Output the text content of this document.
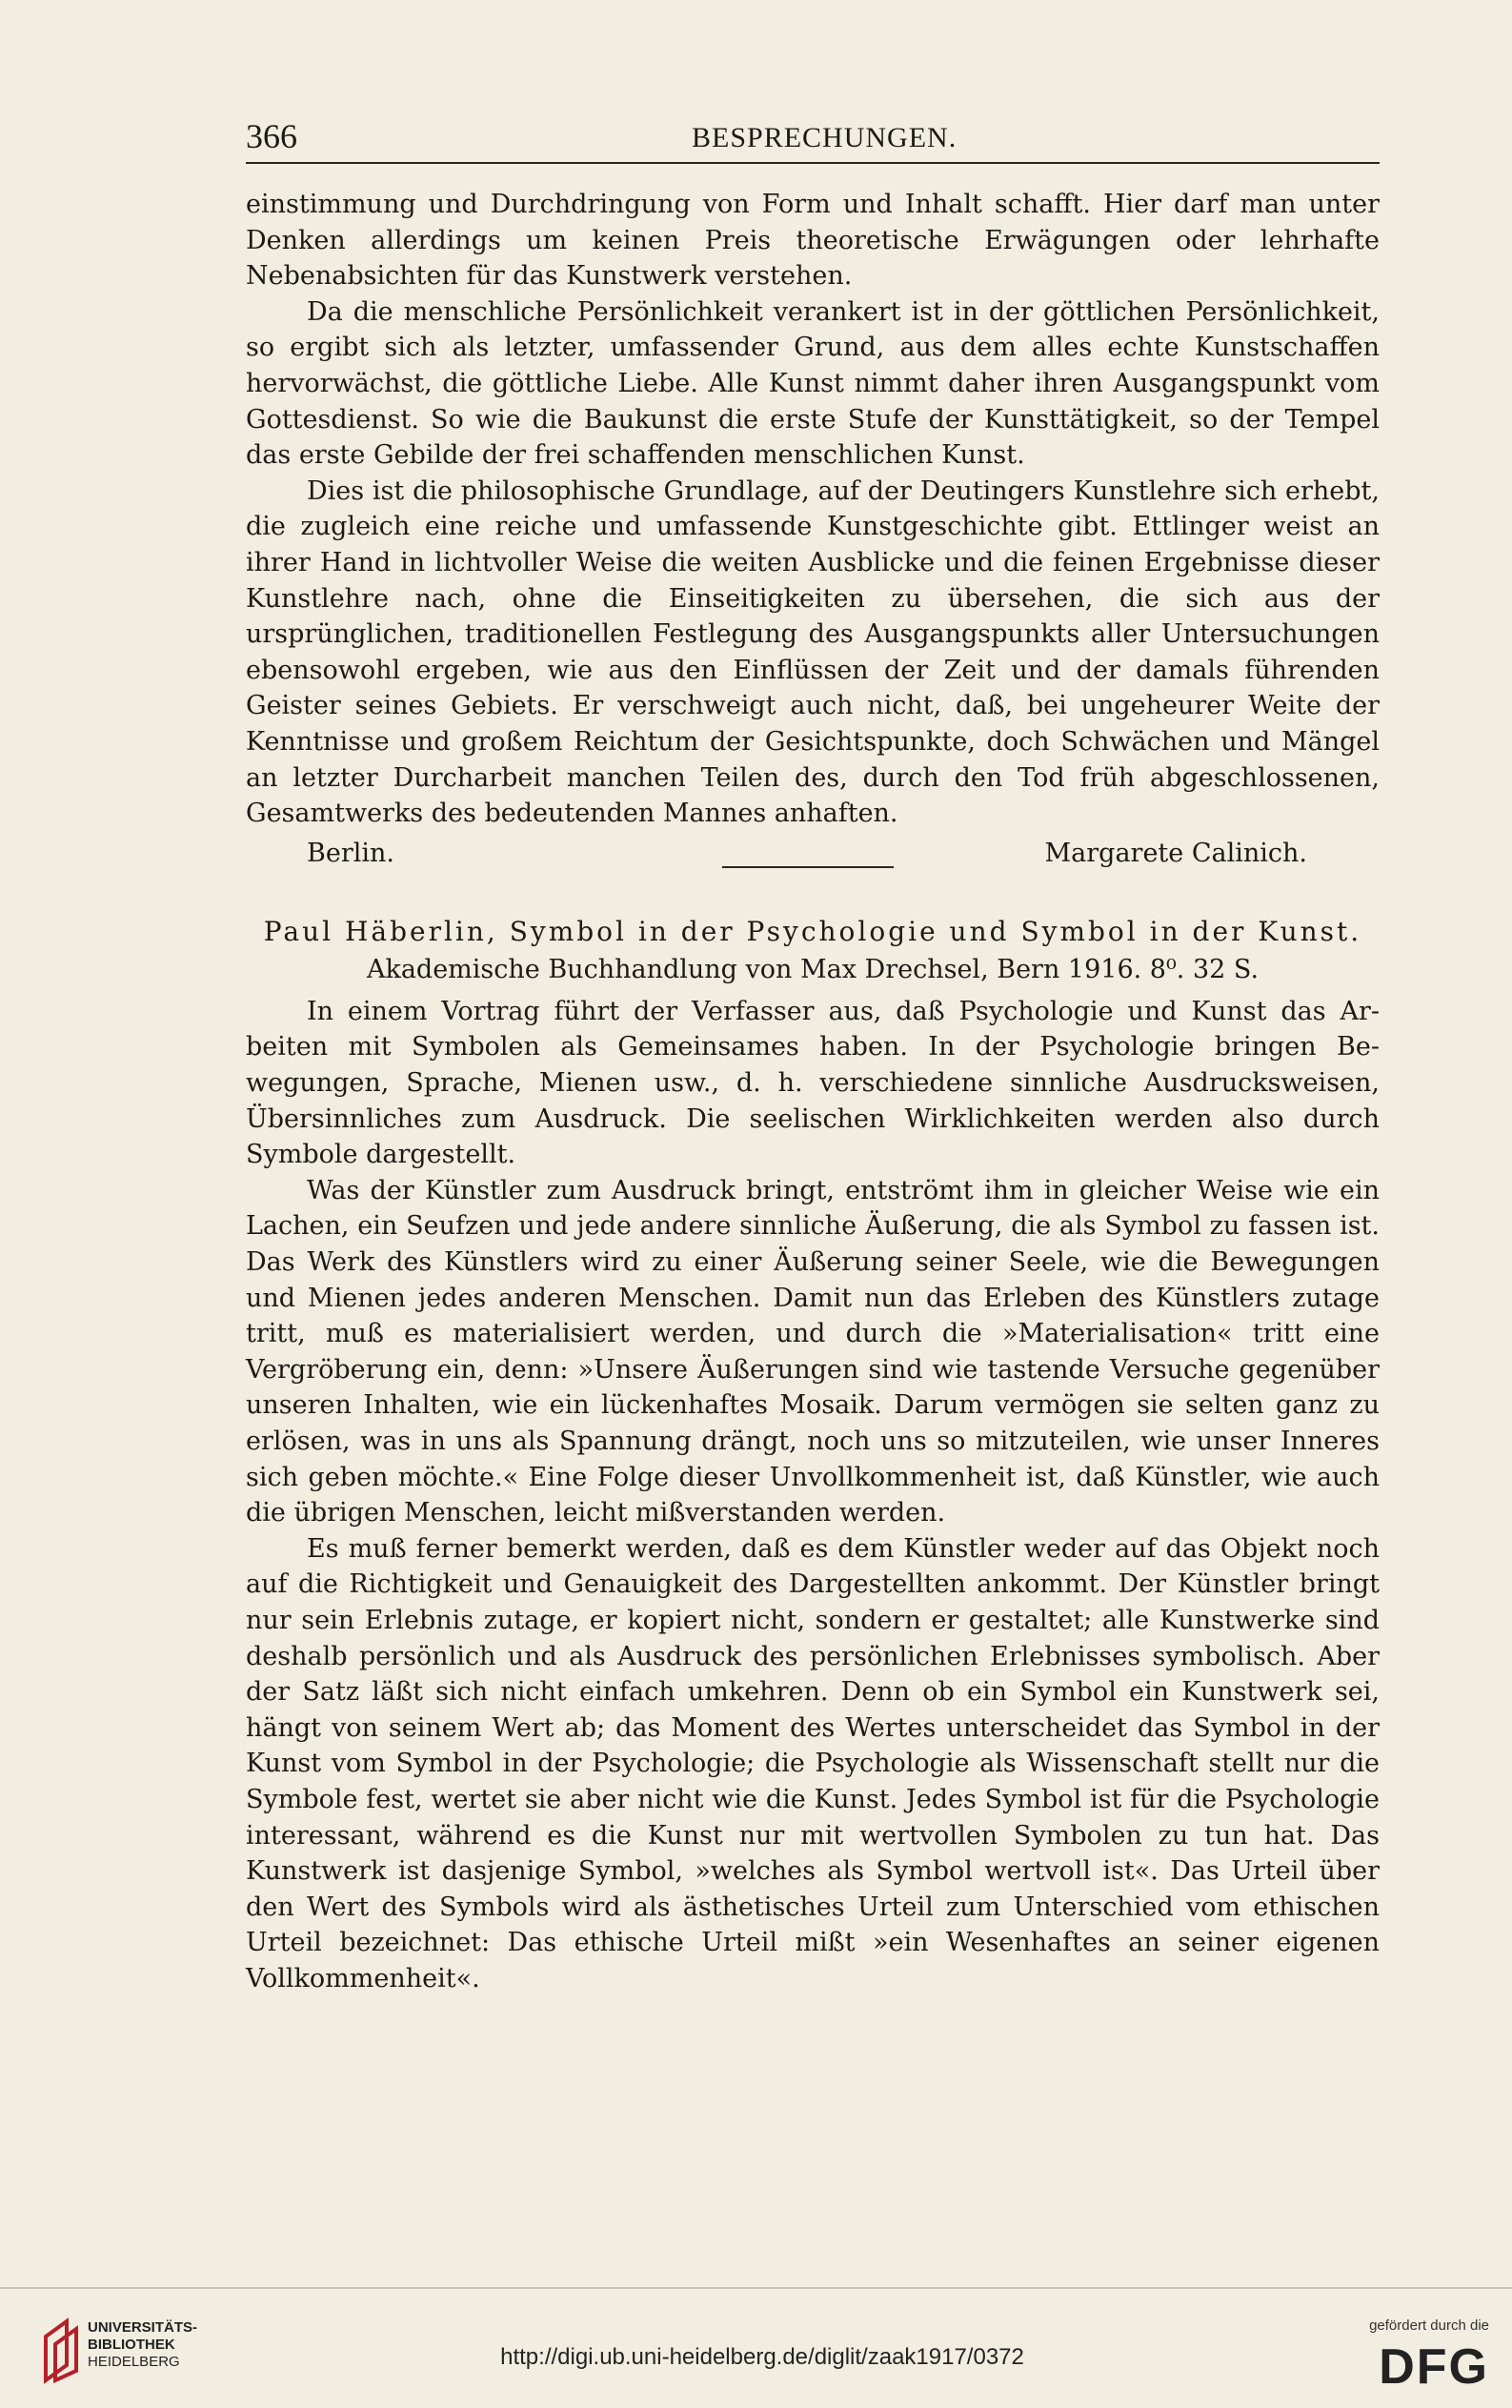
366	BESPRECHUNGEN.

einstimmung und Durchdringung von Form und Inhalt schafft. Hier darf man unter Denken allerdings um keinen Preis theoretische Erwägungen oder lehrhafte Nebenabsichten für das Kunstwerk verstehen.

Da die menschliche Persönlichkeit verankert ist in der göttlichen Persönlichkeit, so ergibt sich als letzter, umfassender Grund, aus dem alles echte Kunstschaffen hervorwächst, die göttliche Liebe. Alle Kunst nimmt daher ihren Ausgangspunkt vom Gottesdienst. So wie die Baukunst die erste Stufe der Kunsttätigkeit, so der Tempel das erste Gebilde der frei schaffenden menschlichen Kunst.

Dies ist die philosophische Grundlage, auf der Deutingers Kunstlehre sich erhebt, die zugleich eine reiche und umfassende Kunstgeschichte gibt. Ettlinger weist an ihrer Hand in lichtvoller Weise die weiten Ausblicke und die feinen Ergebnisse dieser Kunstlehre nach, ohne die Einseitigkeiten zu übersehen, die sich aus der ursprünglichen, traditionellen Festlegung des Ausgangspunkts aller Untersuchungen ebensowohl ergeben, wie aus den Einflüssen der Zeit und der damals führenden Geister seines Gebiets. Er verschweigt auch nicht, daß, bei ungeheurer Weite der Kenntnisse und großem Reichtum der Gesichtspunkte, doch Schwächen und Mängel an letzter Durcharbeit manchen Teilen des, durch den Tod früh abgeschlossenen, Gesamtwerks des bedeutenden Mannes anhaften.

Berlin.	Margarete Calinich.
Paul Häberlin, Symbol in der Psychologie und Symbol in der Kunst.
Akademische Buchhandlung von Max Drechsel, Bern 1916. 8⁰. 32 S.

In einem Vortrag führt der Verfasser aus, daß Psychologie und Kunst das Arbeiten mit Symbolen als Gemeinsames haben. In der Psychologie bringen Bewegungen, Sprache, Mienen usw., d. h. verschiedene sinnliche Ausdrucksweisen, Übersinnliches zum Ausdruck. Die seelischen Wirklichkeiten werden also durch Symbole dargestellt.

Was der Künstler zum Ausdruck bringt, entströmt ihm in gleicher Weise wie ein Lachen, ein Seufzen und jede andere sinnliche Äußerung, die als Symbol zu fassen ist. Das Werk des Künstlers wird zu einer Äußerung seiner Seele, wie die Bewegungen und Mienen jedes anderen Menschen. Damit nun das Erleben des Künstlers zutage tritt, muß es materialisiert werden, und durch die »Materialisation« tritt eine Vergröberung ein, denn: »Unsere Äußerungen sind wie tastende Versuche gegenüber unseren Inhalten, wie ein lückenhaftes Mosaik. Darum vermögen sie selten ganz zu erlösen, was in uns als Spannung drängt, noch uns so mitzuteilen, wie unser Inneres sich geben möchte.« Eine Folge dieser Unvollkommenheit ist, daß Künstler, wie auch die übrigen Menschen, leicht mißverstanden werden.

Es muß ferner bemerkt werden, daß es dem Künstler weder auf das Objekt noch auf die Richtigkeit und Genauigkeit des Dargestellten ankommt. Der Künstler bringt nur sein Erlebnis zutage, er kopiert nicht, sondern er gestaltet; alle Kunstwerke sind deshalb persönlich und als Ausdruck des persönlichen Erlebnisses symbolisch. Aber der Satz läßt sich nicht einfach umkehren. Denn ob ein Symbol ein Kunstwerk sei, hängt von seinem Wert ab; das Moment des Wertes unterscheidet das Symbol in der Kunst vom Symbol in der Psychologie; die Psychologie als Wissenschaft stellt nur die Symbole fest, wertet sie aber nicht wie die Kunst. Jedes Symbol ist für die Psychologie interessant, während es die Kunst nur mit wertvollen Symbolen zu tun hat. Das Kunstwerk ist dasjenige Symbol, »welches als Symbol wertvoll ist«. Das Urteil über den Wert des Symbols wird als ästhetisches Urteil zum Unterschied vom ethischen Urteil bezeichnet: Das ethische Urteil mißt »ein Wesenhaftes an seiner eigenen Vollkommenheit«.

UNIVERSITÄTS-
BIBLIOTHEK
HEIDELBERG	http://digi.ub.uni-heidelberg.de/diglit/zaak1917/0372
gefördert durch die
DFG
